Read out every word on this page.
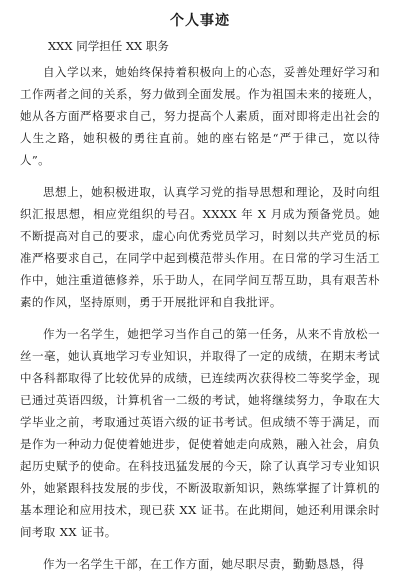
个人事迹
XXX 同学担任 XX 职务

自入学以来，她始终保持着积极向上的心态，妥善处理好学习和工作两者之间的关系，努力做到全面发展。作为祖国未来的接班人，她从各方面严格要求自己，努力提高个人素质，面对即将走出社会的人生之路，她积极的勇往直前。她的座右铭是“严于律己，宽以待人”。

思想上，她积极进取，认真学习党的指导思想和理论，及时向组织汇报思想，相应党组织的号召。XXXX 年 X 月成为预备党员。她不断提高对自己的要求，虚心向优秀党员学习，时刻以共产党员的标准严格要求自己，在同学中起到模范带头作用。在日常的学习生活工作中，她注重道德修养，乐于助人，在同学间互帮互助，具有艰苦朴素的作风，坚持原则，勇于开展批评和自我批评。

作为一名学生，她把学习当作自己的第一任务，从来不肯放松一丝一毫，她认真地学习专业知识，并取得了一定的成绩，在期末考试中各科都取得了比较优异的成绩，已连续两次获得校二等奖学金，现已通过英语四级，计算机省一二级的考试，她将继续努力，争取在大学毕业之前，考取通过英语六级的证书考试。但成绩不等于满足，而是作为一种动力促使着她进步，促使着她走向成熟，融入社会，肩负起历史赋予的使命。在科技迅猛发展的今天，除了认真学习专业知识外，她紧跟科技发展的步伐，不断汲取新知识，熟练掌握了计算机的基本理论和应用技术，现已获 XX 证书。在此期间，她还利用课余时间考取 XX 证书。

作为一名学生干部，在工作方面，她尽职尽责，勤勤恳恳，得
